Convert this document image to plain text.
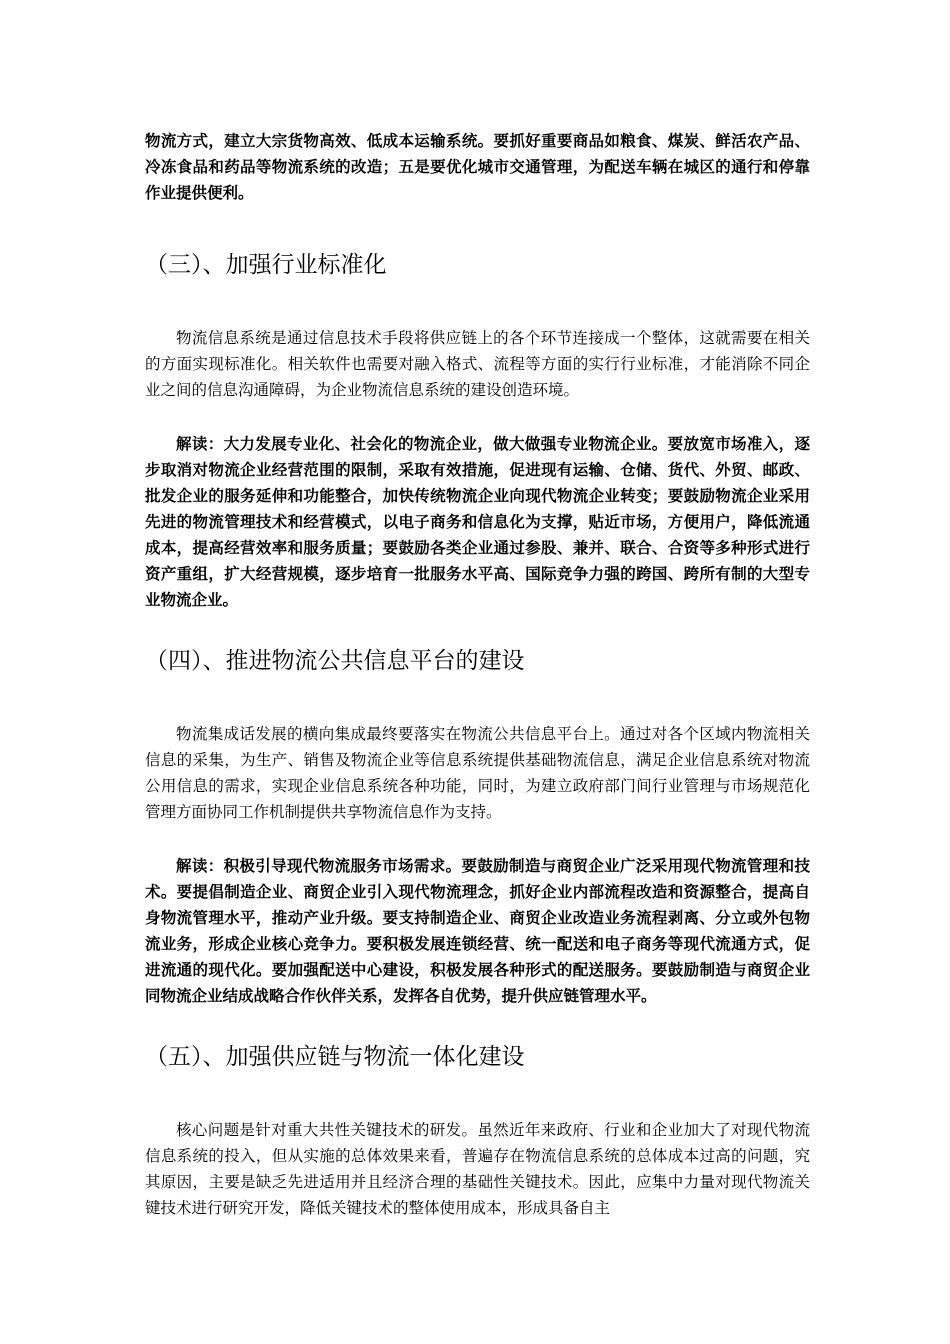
物流方式，建立大宗货物高效、低成本运输系统。要抓好重要商品如粮食、煤炭、鲜活农产品、冷冻食品和药品等物流系统的改造；五是要优化城市交通管理，为配送车辆在城区的通行和停靠作业提供便利。

（三）、加强行业标准化

物流信息系统是通过信息技术手段将供应链上的各个环节连接成一个整体，这就需要在相关的方面实现标准化。相关软件也需要对融入格式、流程等方面的实行行业标准，才能消除不同企业之间的信息沟通障碍，为企业物流信息系统的建设创造环境。

解读：大力发展专业化、社会化的物流企业，做大做强专业物流企业。要放宽市场准入，逐步取消对物流企业经营范围的限制，采取有效措施，促进现有运输、仓储、货代、外贸、邮政、批发企业的服务延伸和功能整合，加快传统物流企业向现代物流企业转变；要鼓励物流企业采用先进的物流管理技术和经营模式，以电子商务和信息化为支撑，贴近市场，方便用户，降低流通成本，提高经营效率和服务质量；要鼓励各类企业通过参股、兼并、联合、合资等多种形式进行资产重组，扩大经营规模，逐步培育一批服务水平高、国际竞争力强的跨国、跨所有制的大型专业物流企业。

（四）、推进物流公共信息平台的建设

物流集成话发展的横向集成最终要落实在物流公共信息平台上。通过对各个区域内物流相关信息的采集，为生产、销售及物流企业等信息系统提供基础物流信息，满足企业信息系统对物流公用信息的需求，实现企业信息系统各种功能，同时，为建立政府部门间行业管理与市场规范化管理方面协同工作机制提供共享物流信息作为支持。

解读：积极引导现代物流服务市场需求。要鼓励制造与商贸企业广泛采用现代物流管理和技术。要提倡制造企业、商贸企业引入现代物流理念，抓好企业内部流程改造和资源整合，提高自身物流管理水平，推动产业升级。要支持制造企业、商贸企业改造业务流程剥离、分立或外包物流业务，形成企业核心竞争力。要积极发展连锁经营、统一配送和电子商务等现代流通方式，促进流通的现代化。要加强配送中心建设，积极发展各种形式的配送服务。要鼓励制造与商贸企业同物流企业结成战略合作伙伴关系，发挥各自优势，提升供应链管理水平。

（五）、加强供应链与物流一体化建设

核心问题是针对重大共性关键技术的研发。虽然近年来政府、行业和企业加大了对现代物流信息系统的投入，但从实施的总体效果来看，普遍存在物流信息系统的总体成本过高的问题，究其原因，主要是缺乏先进适用并且经济合理的基础性关键技术。因此，应集中力量对现代物流关键技术进行研究开发，降低关键技术的整体使用成本，形成具备自主
